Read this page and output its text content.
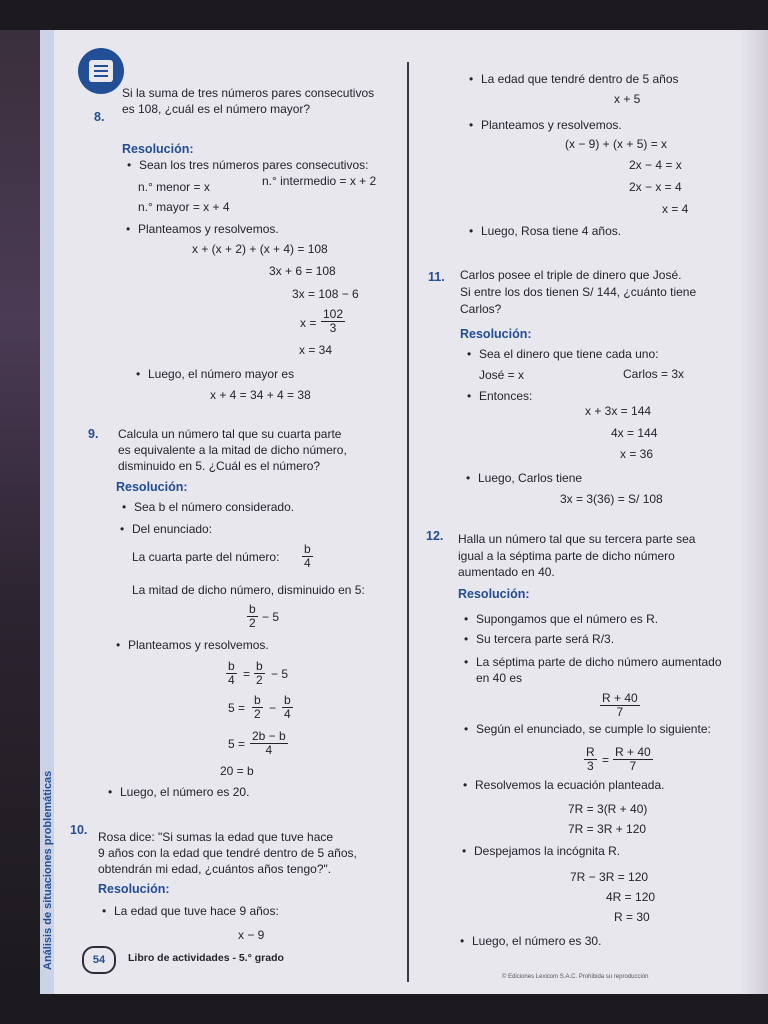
Análisis de situaciones problemáticas
8.
Si la suma de tres números pares consecutivos
es 108, ¿cuál es el número mayor?
Resolución:
• Sean los tres números pares consecutivos:
n.° menor = x	n.° intermedio = x + 2
n.° mayor = x + 4
• Planteamos y resolvemos.
x + (x + 2) + (x + 4) = 108
3x + 6 = 108
3x = 108 − 6
$x = \frac{102}{3}$
x = 34
• Luego, el número mayor es
x + 4 = 34 + 4 = 38
9. Calcula un número tal que su cuarta parte
es equivalente a la mitad de dicho número,
disminuido en 5. ¿Cuál es el número?
Resolución:
• Sea b el número considerado.
• Del enunciado:
La cuarta parte del número: $\frac{b}{4}$
La mitad de dicho número, disminuido en 5:
$\frac{b}{2} - 5$
• Planteamos y resolvemos.
$\frac{b}{4} = \frac{b}{2} - 5$
$5 = \frac{b}{2} - \frac{b}{4}$
$5 = \frac{2b - b}{4}$
20 = b
• Luego, el número es 20.
10. Rosa dice: "Si sumas la edad que tuve hace
9 años con la edad que tendré dentro de 5 años,
obtendrán mi edad, ¿cuántos años tengo?".
Resolución:
• La edad que tuve hace 9 años:
x − 9
• La edad que tendré dentro de 5 años
x + 5
• Planteamos y resolvemos.
(x − 9) + (x + 5) = x
2x − 4 = x
2x − x = 4
x = 4
• Luego, Rosa tiene 4 años.
11. Carlos posee el triple de dinero que José.
Si entre los dos tienen S/ 144, ¿cuánto tiene
Carlos?
Resolución:
• Sea el dinero que tiene cada uno:
José = x	Carlos = 3x
• Entonces:
x + 3x = 144
4x = 144
x = 36
• Luego, Carlos tiene
3x = 3(36) = S/ 108
12. Halla un número tal que su tercera parte sea
igual a la séptima parte de dicho número
aumentado en 40.
Resolución:
• Supongamos que el número es R.
• Su tercera parte será R/3.
• La séptima parte de dicho número aumentado
en 40 es
$\frac{R + 40}{7}$
• Según el enunciado, se cumple lo siguiente:
$\frac{R}{3} = \frac{R + 40}{7}$
• Resolvemos la ecuación planteada.
7R = 3(R + 40)
7R = 3R + 120
• Despejamos la incógnita R.
7R − 3R = 120
4R = 120
R = 30
• Luego, el número es 30.
54	Libro de actividades - 5.° grado
© Ediciones Lexicom S.A.C. Prohibida su reproducción
